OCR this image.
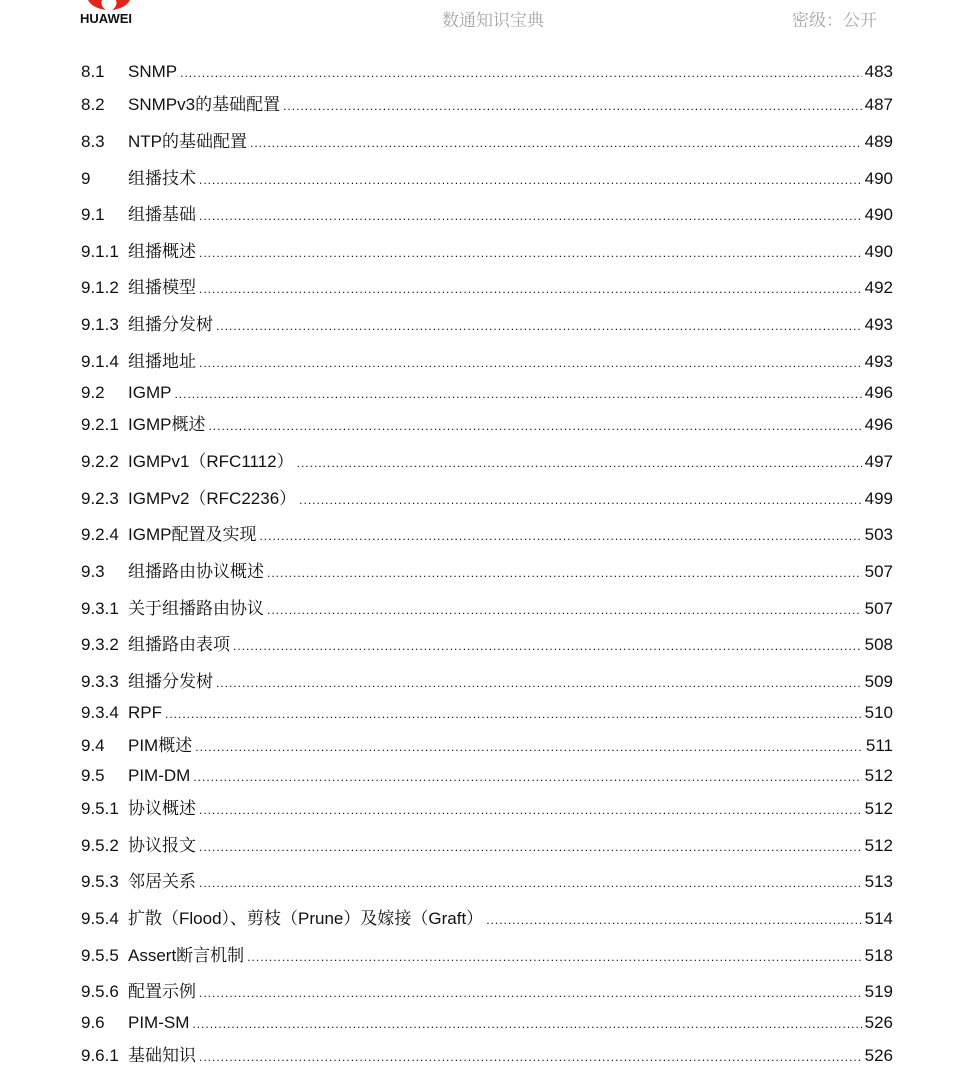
HUAWEI	数通知识宝典	密级：公开
8.1	SNMP .....	483
8.2	SNMPv3的基础配置 .....	487
8.3	NTP的基础配置 .....	489
9	组播技术 .....	490
9.1	组播基础 .....	490
9.1.1 组播概述 .....	490
9.1.2 组播模型 .....	492
9.1.3 组播分发树 .....	493
9.1.4 组播地址 .....	493
9.2	IGMP .....	496
9.2.1 IGMP概述 .....	496
9.2.2 IGMPv1（RFC1112） .....	497
9.2.3 IGMPv2（RFC2236） .....	499
9.2.4 IGMP配置及实现 .....	503
9.3	组播路由协议概述 .....	507
9.3.1 关于组播路由协议 .....	507
9.3.2 组播路由表项 .....	508
9.3.3 组播分发树 .....	509
9.3.4 RPF .....	510
9.4	PIM概述 .....	511
9.5	PIM-DM .....	512
9.5.1 协议概述 .....	512
9.5.2 协议报文 .....	512
9.5.3 邻居关系 .....	513
9.5.4 扩散（Flood）、剪枝（Prune）及嫁接（Graft） .....	514
9.5.5 Assert断言机制 .....	518
9.5.6 配置示例 .....	519
9.6	PIM-SM .....	526
9.6.1 基础知识 .....	526
